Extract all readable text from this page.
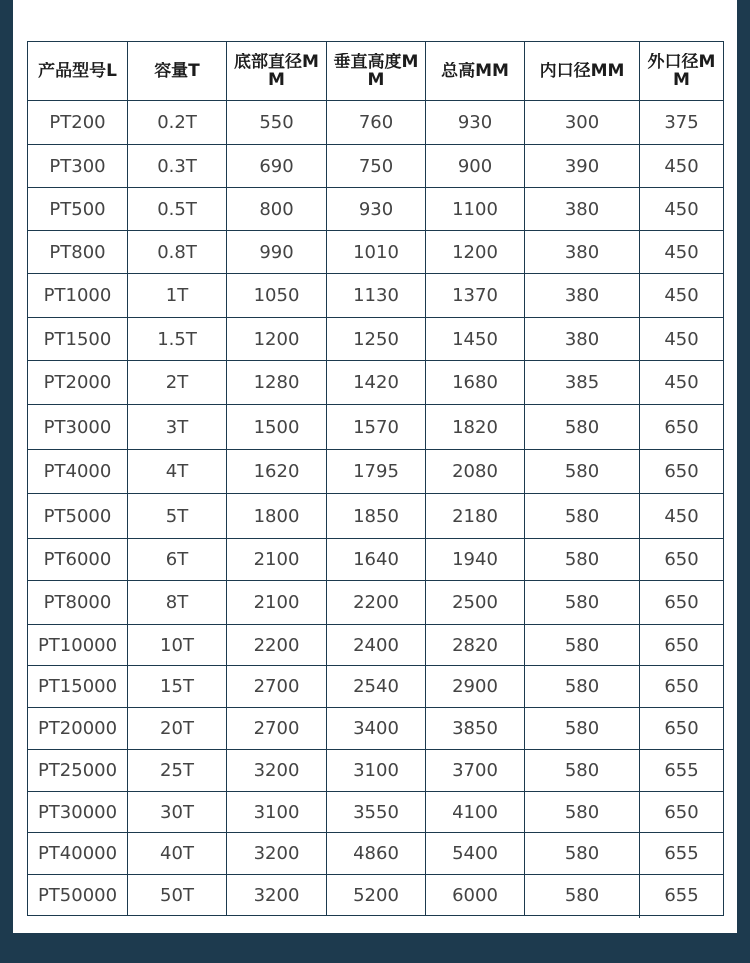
产品型号L	容量T	底部直径MM	垂直高度MM	总高MM	内口径MM	外口径MM

PT200	0.2T	550	760	930	300	375
PT300	0.3T	690	750	900	390	450
PT500	0.5T	800	930	1100	380	450
PT800	0.8T	990	1010	1200	380	450
PT1000	1T	1050	1130	1370	380	450
PT1500	1.5T	1200	1250	1450	380	450
PT2000	2T	1280	1420	1680	385	450
PT3000	3T	1500	1570	1820	580	650
PT4000	4T	1620	1795	2080	580	650
PT5000	5T	1800	1850	2180	580	450
PT6000	6T	2100	1640	1940	580	650
PT8000	8T	2100	2200	2500	580	650
PT10000	10T	2200	2400	2820	580	650
PT15000	15T	2700	2540	2900	580	650
PT20000	20T	2700	3400	3850	580	650
PT25000	25T	3200	3100	3700	580	655
PT30000	30T	3100	3550	4100	580	650
PT40000	40T	3200	4860	5400	580	655
PT50000	50T	3200	5200	6000	580	655
